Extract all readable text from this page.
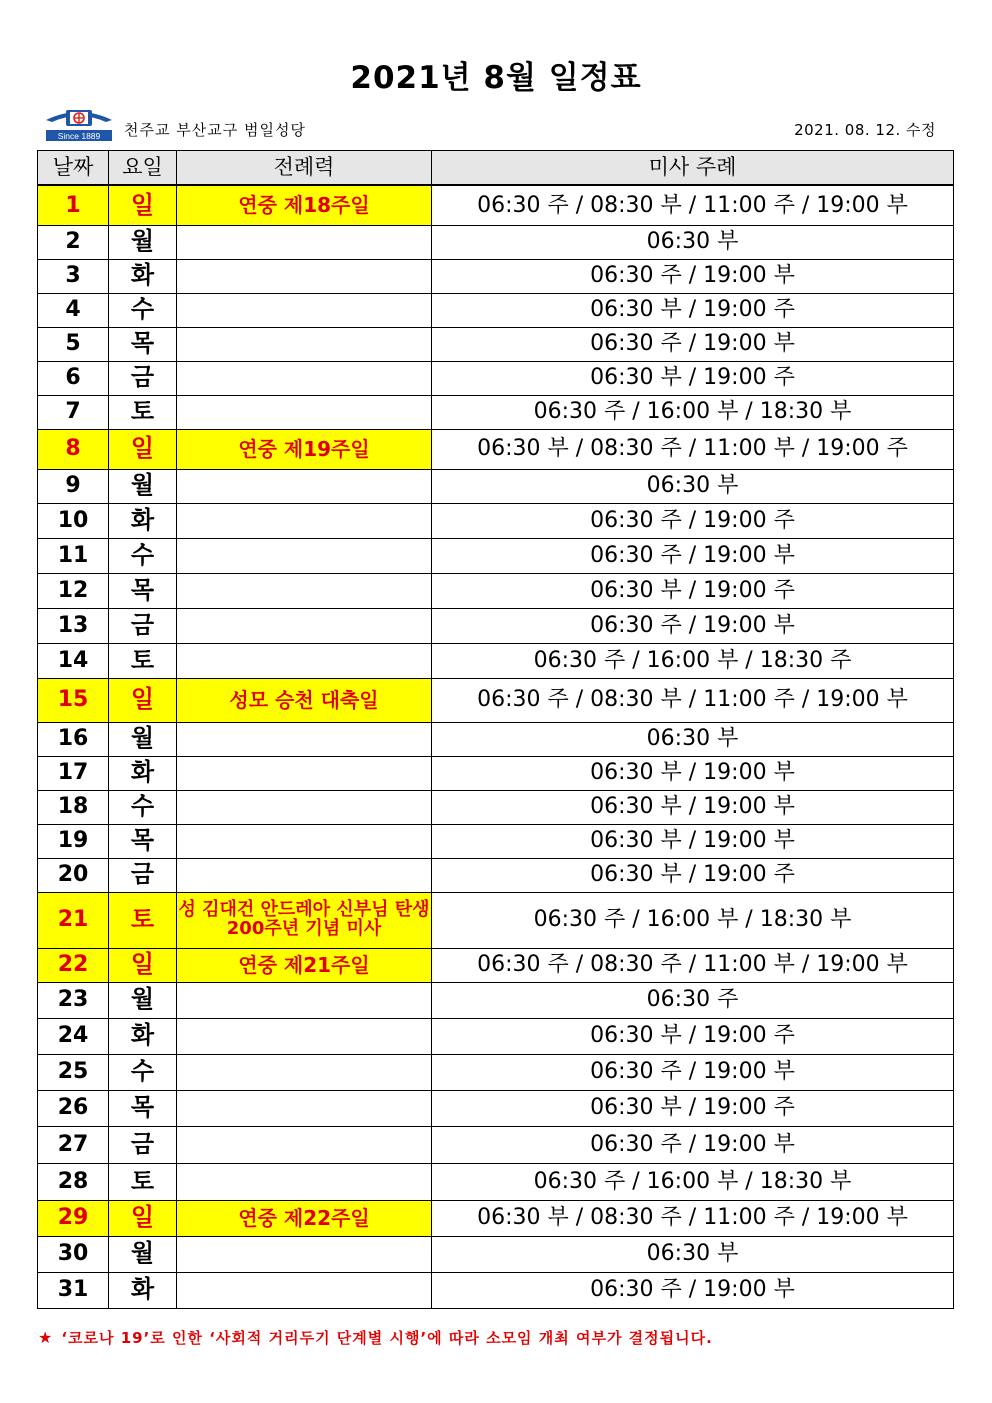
2021년 8월 일정표
Since 1889 천주교 부산교구 범일성당	2021. 08. 12. 수정
날짜	요일	전례력	미사 주례
1	일	연중 제18주일	06:30 주 / 08:30 부 / 11:00 주 / 19:00 부
2	월		06:30 부
3	화		06:30 주 / 19:00 부
4	수		06:30 부 / 19:00 주
5	목		06:30 주 / 19:00 부
6	금		06:30 부 / 19:00 주
7	토		06:30 주 / 16:00 부 / 18:30 부
8	일	연중 제19주일	06:30 부 / 08:30 주 / 11:00 부 / 19:00 주
9	월		06:30 부
10	화		06:30 주 / 19:00 주
11	수		06:30 주 / 19:00 부
12	목		06:30 부 / 19:00 주
13	금		06:30 주 / 19:00 부
14	토		06:30 주 / 16:00 부 / 18:30 주
15	일	성모 승천 대축일	06:30 주 / 08:30 부 / 11:00 주 / 19:00 부
16	월		06:30 부
17	화		06:30 부 / 19:00 부
18	수		06:30 부 / 19:00 부
19	목		06:30 부 / 19:00 부
20	금		06:30 부 / 19:00 주
21	토	성 김대건 안드레아 신부님 탄생 200주년 기념 미사	06:30 주 / 16:00 부 / 18:30 부
22	일	연중 제21주일	06:30 주 / 08:30 주 / 11:00 부 / 19:00 부
23	월		06:30 주
24	화		06:30 부 / 19:00 주
25	수		06:30 주 / 19:00 부
26	목		06:30 부 / 19:00 주
27	금		06:30 주 / 19:00 부
28	토		06:30 주 / 16:00 부 / 18:30 부
29	일	연중 제22주일	06:30 부 / 08:30 주 / 11:00 주 / 19:00 부
30	월		06:30 부
31	화		06:30 주 / 19:00 부
★ ‘코로나 19’로 인한 ‘사회적 거리두기 단계별 시행’에 따라 소모임 개최 여부가 결정됩니다.
